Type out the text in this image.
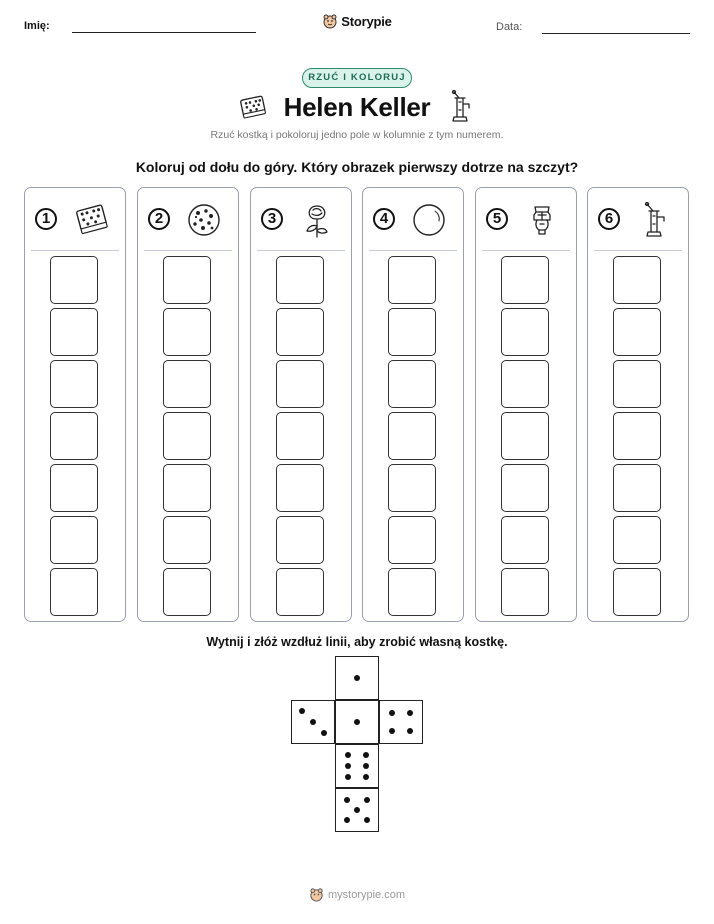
Imię:	Storypie	Data:
RZUĆ I KOLORUJ
Helen Keller
Rzuć kostką i pokoloruj jedno pole w kolumnie z tym numerem.
Koloruj od dołu do góry. Który obrazek pierwszy dotrze na szczyt?
1	2	3	4	5	6
Wytnij i złóż wzdłuż linii, aby zrobić własną kostkę.
mystorypie.com
